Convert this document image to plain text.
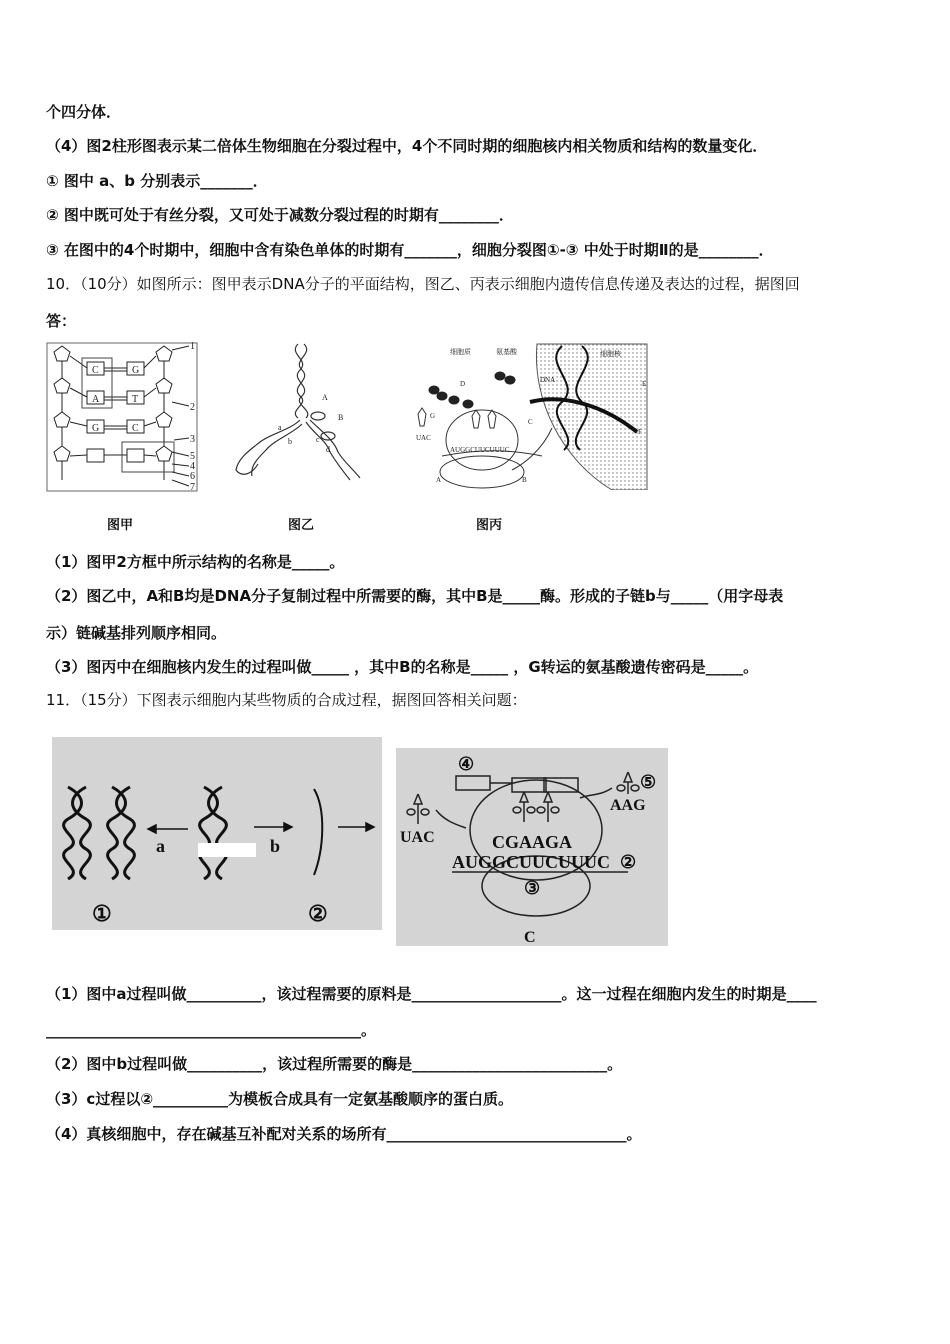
个四分体．
（4）图2柱形图表示某二倍体生物细胞在分裂过程中，4个不同时期的细胞核内相关物质和结构的数量变化．
① 图中 a、b 分别表示_______．
② 图中既可处于有丝分裂，又可处于减数分裂过程的时期有________．
③ 在图中的4个时期中，细胞中含有染色单体的时期有_______，细胞分裂图①-③ 中处于时期Ⅱ的是________．
10．（10分）如图所示：图甲表示DNA分子的平面结构，图乙、丙表示细胞内遗传信息传递及表达的过程，据图回
答：
C
A
G
G
T
C
1
2
3
5
4
6
7
图甲
A
B
a
b	c
d
图乙
细胞质	氨基酸	细胞核
D
G
UAC
AUGGCUUCUUUC
A	B
C
E
F
DNA
图丙
（1）图甲2方框中所示结构的名称是_____。
（2）图乙中，A和B均是DNA分子复制过程中所需要的酶，其中B是_____酶。形成的子链b与_____（用字母表
示）链碱基排列顺序相同。
（3）图丙中在细胞核内发生的过程叫做_____ ，其中B的名称是_____ ，G转运的氨基酸遗传密码是_____。
11．（15分）下图表示细胞内某些物质的合成过程，据图回答相关问题：
a	b
①	②
④
⑤
UAC
AAG
CGAAGA
AUGGCUUCUUUC ②
③
C
（1）图中a过程叫做__________，该过程需要的原料是____________________。这一过程在细胞内发生的时期是____
__________________________________________。
（2）图中b过程叫做__________，该过程所需要的酶是__________________________。
（3）c过程以②__________为模板合成具有一定氨基酸顺序的蛋白质。
（4）真核细胞中，存在碱基互补配对关系的场所有________________________________。
